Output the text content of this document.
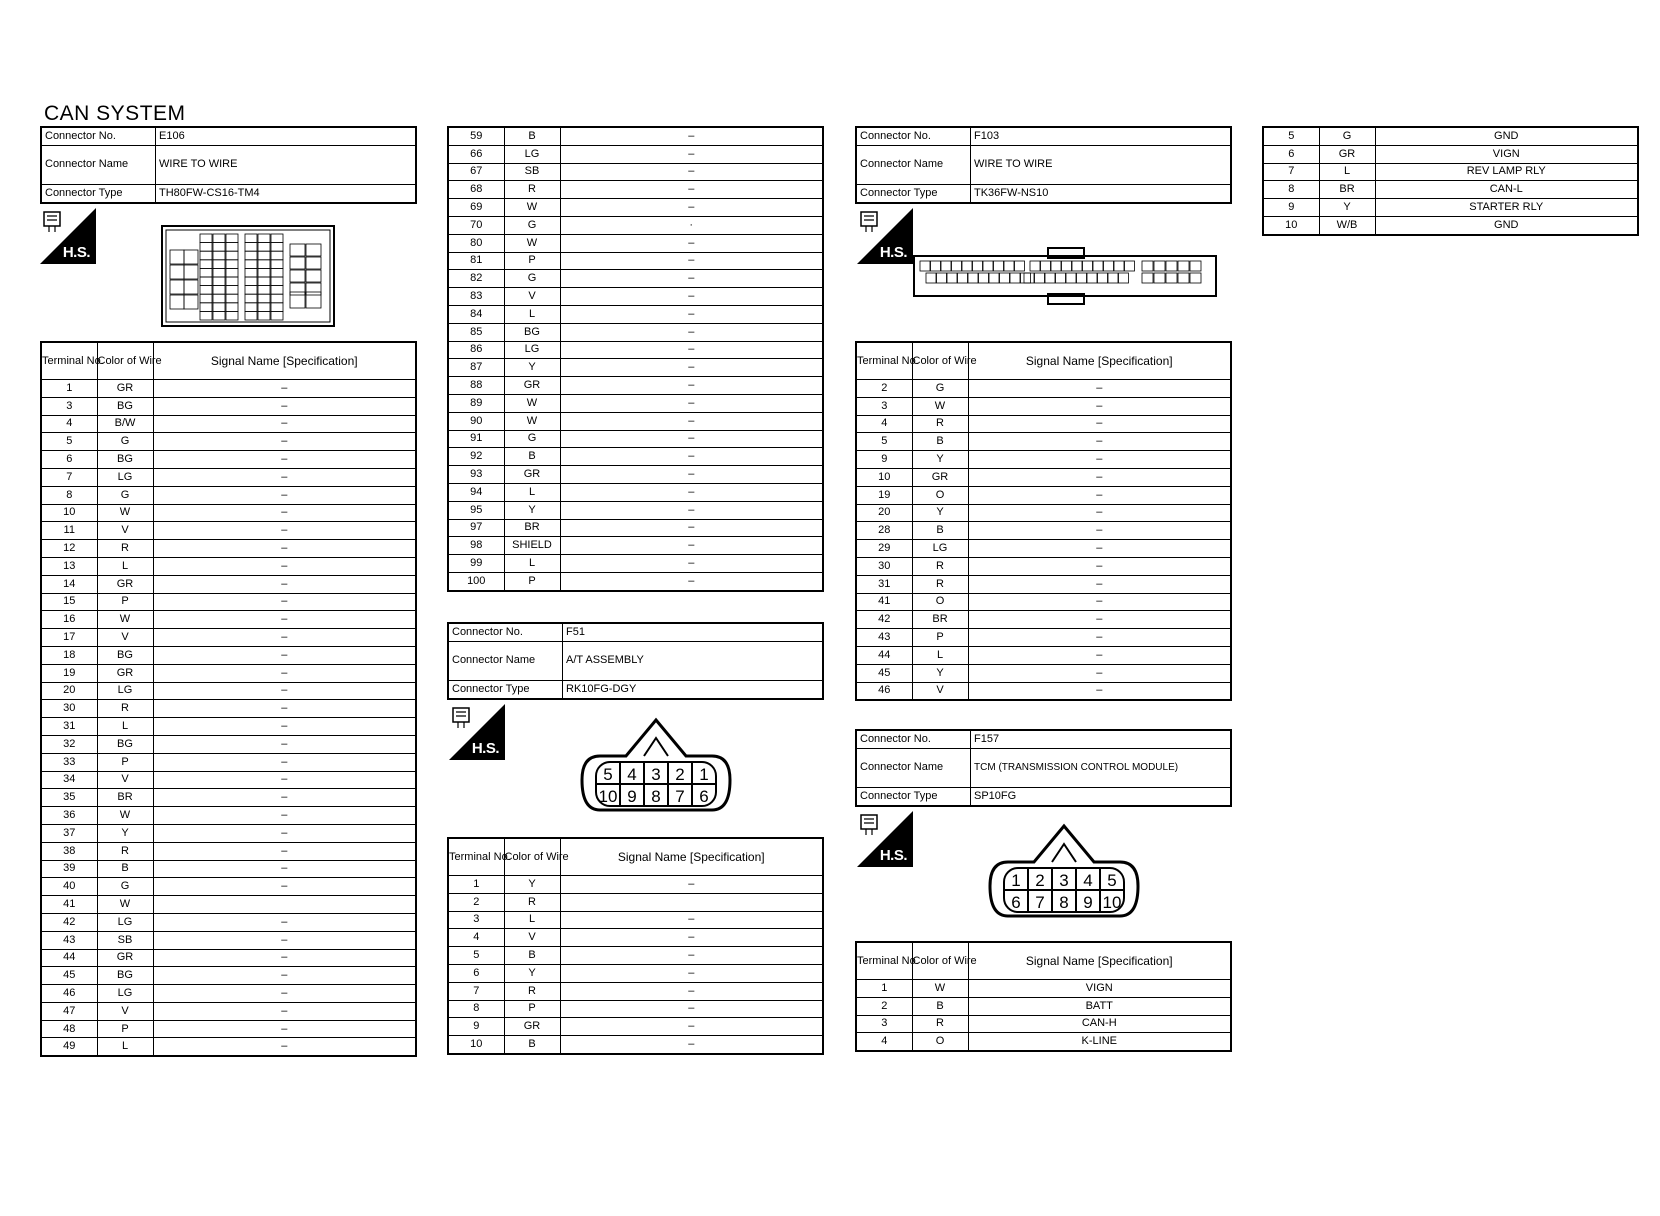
CAN SYSTEM
Connector No.	E106
Connector Name	WIRE TO WIRE
Connector Type	TH80FW-CS16-TM4
H.S.
Terminal No.	Color of Wire	Signal Name [Specification]
1	GR	–
3	BG	–
4	B/W	–
5	G	–
6	BG	–
7	LG	–
8	G	–
10	W	–
11	V	–
12	R	–
13	L	–
14	GR	–
15	P	–
16	W	–
17	V	–
18	BG	–
19	GR	–
20	LG	–
30	R	–
31	L	–
32	BG	–
33	P	–
34	V	–
35	BR	–
36	W	–
37	Y	–
38	R	–
39	B	–
40	G	–
41	W	
42	LG	–
43	SB	–
44	GR	–
45	BG	–
46	LG	–
47	V	–
48	P	–
49	L	–
59	B	–
66	LG	–
67	SB	–
68	R	–
69	W	–
70	G	·
80	W	–
81	P	–
82	G	–
83	V	–
84	L	–
85	BG	–
86	LG	–
87	Y	–
88	GR	–
89	W	–
90	W	–
91	G	–
92	B	–
93	GR	–
94	L	–
95	Y	–
97	BR	–
98	SHIELD	–
99	L	–
100	P	–
Connector No.	F51
Connector Name	A/T ASSEMBLY
Connector Type	RK10FG-DGY
H.S.
5 4 3 2 1
10 9 8 7 6
Terminal No.	Color of Wire	Signal Name [Specification]
1	Y	–
2	R	
3	L	–
4	V	–
5	B	–
6	Y	–
7	R	–
8	P	–
9	GR	–
10	B	–
Connector No.	F103
Connector Name	WIRE TO WIRE
Connector Type	TK36FW-NS10
H.S.
Terminal No.	Color of Wire	Signal Name [Specification]
2	G	–
3	W	–
4	R	–
5	B	–
9	Y	–
10	GR	–
19	O	–
20	Y	–
28	B	–
29	LG	–
30	R	–
31	R	–
41	O	–
42	BR	–
43	P	–
44	L	–
45	Y	–
46	V	–
Connector No.	F157
Connector Name	TCM (TRANSMISSION CONTROL MODULE)
Connector Type	SP10FG
H.S.
1 2 3 4 5
6 7 8 9 10
Terminal No.	Color of Wire	Signal Name [Specification]
1	W	VIGN
2	B	BATT
3	R	CAN-H
4	O	K-LINE
5	G	GND
6	GR	VIGN
7	L	REV LAMP RLY
8	BR	CAN-L
9	Y	STARTER RLY
10	W/B	GND
